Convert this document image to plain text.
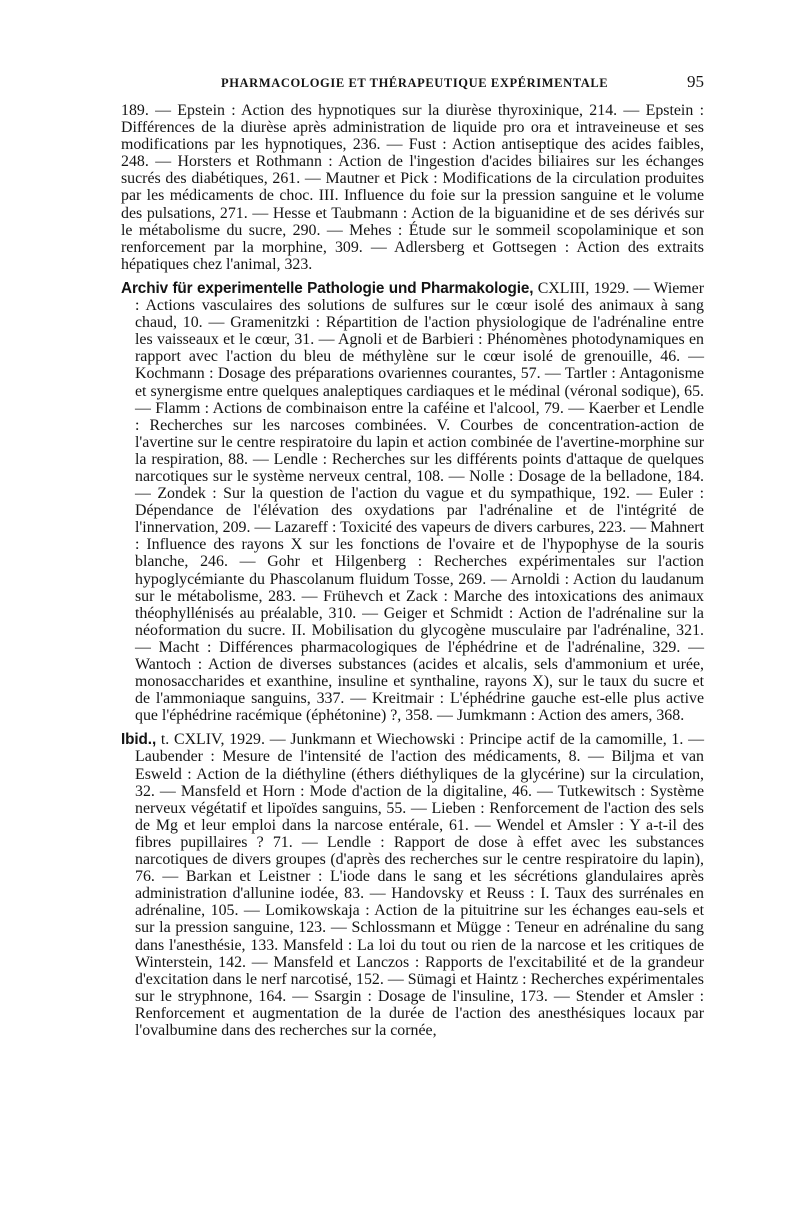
PHARMACOLOGIE ET THÉRAPEUTIQUE EXPÉRIMENTALE	95

189. — Epstein : Action des hypnotiques sur la diurèse thyroxinique, 214. — Epstein : Différences de la diurèse après administration de liquide pro ora et intraveineuse et ses modifications par les hypnotiques, 236. — Fust : Action antiseptique des acides faibles, 248. — Horsters et Rothmann : Action de l'ingestion d'acides biliaires sur les échanges sucrés des diabétiques, 261. — Mautner et Pick : Modifications de la circulation produites par les médicaments de choc. III. Influence du foie sur la pression sanguine et le volume des pulsations, 271. — Hesse et Taubmann : Action de la biguanidine et de ses dérivés sur le métabolisme du sucre, 290. — Mehes : Étude sur le sommeil scopolaminique et son renforcement par la morphine, 309. — Adlersberg et Gottsegen : Action des extraits hépatiques chez l'animal, 323.

Archiv für experimentelle Pathologie und Pharmakologie, CXLIII, 1929. — Wiemer : Actions vasculaires des solutions de sulfures sur le cœur isolé des animaux à sang chaud, 10. — Gramenitzki : Répartition de l'action physiologique de l'adrénaline entre les vaisseaux et le cœur, 31. — Agnoli et de Barbieri : Phénomènes photodynamiques en rapport avec l'action du bleu de méthylène sur le cœur isolé de grenouille, 46. — Kochmann : Dosage des préparations ovariennes courantes, 57. — Tartler : Antagonisme et synergisme entre quelques analeptiques cardiaques et le médinal (véronal sodique), 65. — Flamm : Actions de combinaison entre la caféine et l'alcool, 79. — Kaerber et Lendle : Recherches sur les narcoses combinées. V. Courbes de concentration-action de l'avertine sur le centre respiratoire du lapin et action combinée de l'avertine-morphine sur la respiration, 88. — Lendle : Recherches sur les différents points d'attaque de quelques narcotiques sur le système nerveux central, 108. — Nolle : Dosage de la belladone, 184. — Zondek : Sur la question de l'action du vague et du sympathique, 192. — Euler : Dépendance de l'élévation des oxydations par l'adrénaline et de l'intégrité de l'innervation, 209. — Lazareff : Toxicité des vapeurs de divers carbures, 223. — Mahnert : Influence des rayons X sur les fonctions de l'ovaire et de l'hypophyse de la souris blanche, 246. — Gohr et Hilgenberg : Recherches expérimentales sur l'action hypoglycémiante du Phascolanum fluidum Tosse, 269. — Arnoldi : Action du laudanum sur le métabolisme, 283. — Frühevch et Zack : Marche des intoxications des animaux théophyllénisés au préalable, 310. — Geiger et Schmidt : Action de l'adrénaline sur la néoformation du sucre. II. Mobilisation du glycogène musculaire par l'adrénaline, 321. — Macht : Différences pharmacologiques de l'éphédrine et de l'adrénaline, 329. — Wantoch : Action de diverses substances (acides et alcalis, sels d'ammonium et urée, monosaccharides et exanthine, insuline et synthaline, rayons X), sur le taux du sucre et de l'ammoniaque sanguins, 337. — Kreitmair : L'éphédrine gauche est-elle plus active que l'éphédrine racémique (éphétonine) ?, 358. — Jumkmann : Action des amers, 368.

Ibid., t. CXLIV, 1929. — Junkmann et Wiechowski : Principe actif de la camomille, 1. — Laubender : Mesure de l'intensité de l'action des médicaments, 8. — Biljma et van Esweld : Action de la diéthyline (éthers diéthyliques de la glycérine) sur la circulation, 32. — Mansfeld et Horn : Mode d'action de la digitaline, 46. — Tutkewitsch : Système nerveux végétatif et lipoïdes sanguins, 55. — Lieben : Renforcement de l'action des sels de Mg et leur emploi dans la narcose entérale, 61. — Wendel et Amsler : Y a-t-il des fibres pupillaires ? 71. — Lendle : Rapport de dose à effet avec les substances narcotiques de divers groupes (d'après des recherches sur le centre respiratoire du lapin), 76. — Barkan et Leistner : L'iode dans le sang et les sécrétions glandulaires après administration d'allunine iodée, 83. — Handovsky et Reuss : I. Taux des surrénales en adrénaline, 105. — Lomikowskaja : Action de la pituitrine sur les échanges eau-sels et sur la pression sanguine, 123. — Schlossmann et Mügge : Teneur en adrénaline du sang dans l'anesthésie, 133. Mansfeld : La loi du tout ou rien de la narcose et les critiques de Winterstein, 142. — Mansfeld et Lanczos : Rapports de l'excitabilité et de la grandeur d'excitation dans le nerf narcotisé, 152. — Sümagi et Haintz : Recherches expérimentales sur le stryphnone, 164. — Ssargin : Dosage de l'insuline, 173. — Stender et Amsler : Renforcement et augmentation de la durée de l'action des anesthésiques locaux par l'ovalbumine dans des recherches sur la cornée,
